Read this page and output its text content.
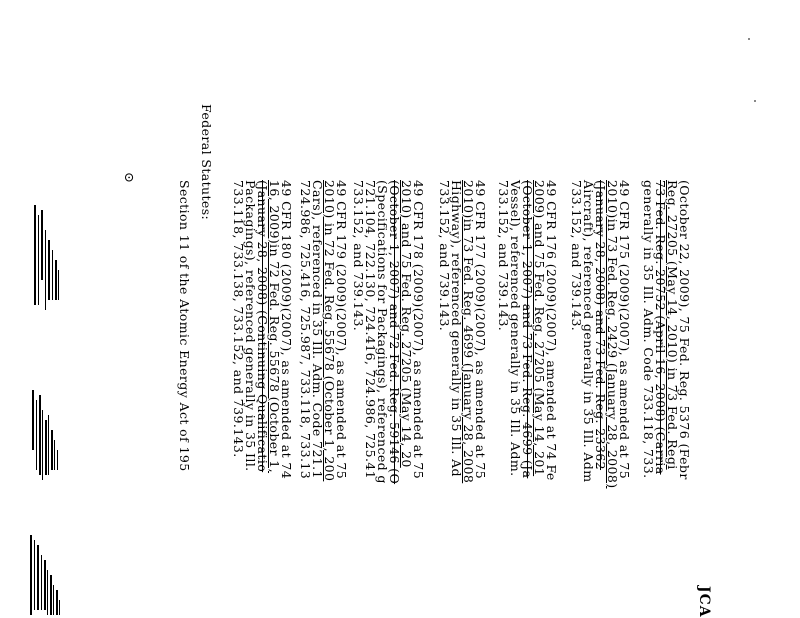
JCA
(October 22, 2009), 75 Fed. Reg. 5376 (Febr
Reg. 27205 (May 14, 2010) in 73 Fed. Regi
73 Fed. Reg. 20752 (April 16, 2008) (Carria
generally in 35 Ill. Adm. Code 733.118, 733.
49 CFR 175 (2009)(2007), as amended at 75
2010)in 73 Fed. Reg. 2429 (January 28, 2008)
(January 28, 2008) and 73 Fed. Reg. 23362
Aircraft), referenced generally in 35 Ill. Adm
733.152, and 739.143.
49 CFR 176 (2009)(2007), amended at 74 Fe
2009) and 75 Fed. Reg. 27205 (May 14, 201
(October 1, 2007) and 73 Fed. Reg. 4699 (Ja
Vessel), referenced generally in 35 Ill. Adm.
733.152, and 739.143.
49 CFR 177 (2009)(2007), as amended at 75
2010)in 73 Fed. Reg. 4699 (January 28, 2008
Highway), referenced generally in 35 Ill. Ad
733.152, and 739.143.
49 CFR 178 (2009)(2007), as amended at 75
2010) and 75 Fed. Reg. 27205 (May 14, 20
(October 1, 2007) and 72 Fed. Reg. 59146 (O
(Specifications for Packagings), referenced g
721.104, 722.130, 724.416, 724.986, 725.41
733.152, and 739.143.
49 CFR 179 (2009)(2007), as amended at 75
2010) in 72 Fed. Reg. 55678 (October 1, 200
Cars), referenced in 35 Ill. Adm. Code 721.1
724.986, 725.416, 725.987, 733.118, 733.13
49 CFR 180 (2009)(2007), as amended at 74
16, 2009)in 72 Fed. Reg. 55678 (October 1,
(January 28, 2008) (Continuing Qualificatio
Packagings), referenced generally in 35 Ill.
733.118, 733.138, 733.152, and 739.143.
Federal Statutes:
Section 11 of the Atomic Energy Act of 195
⊙
